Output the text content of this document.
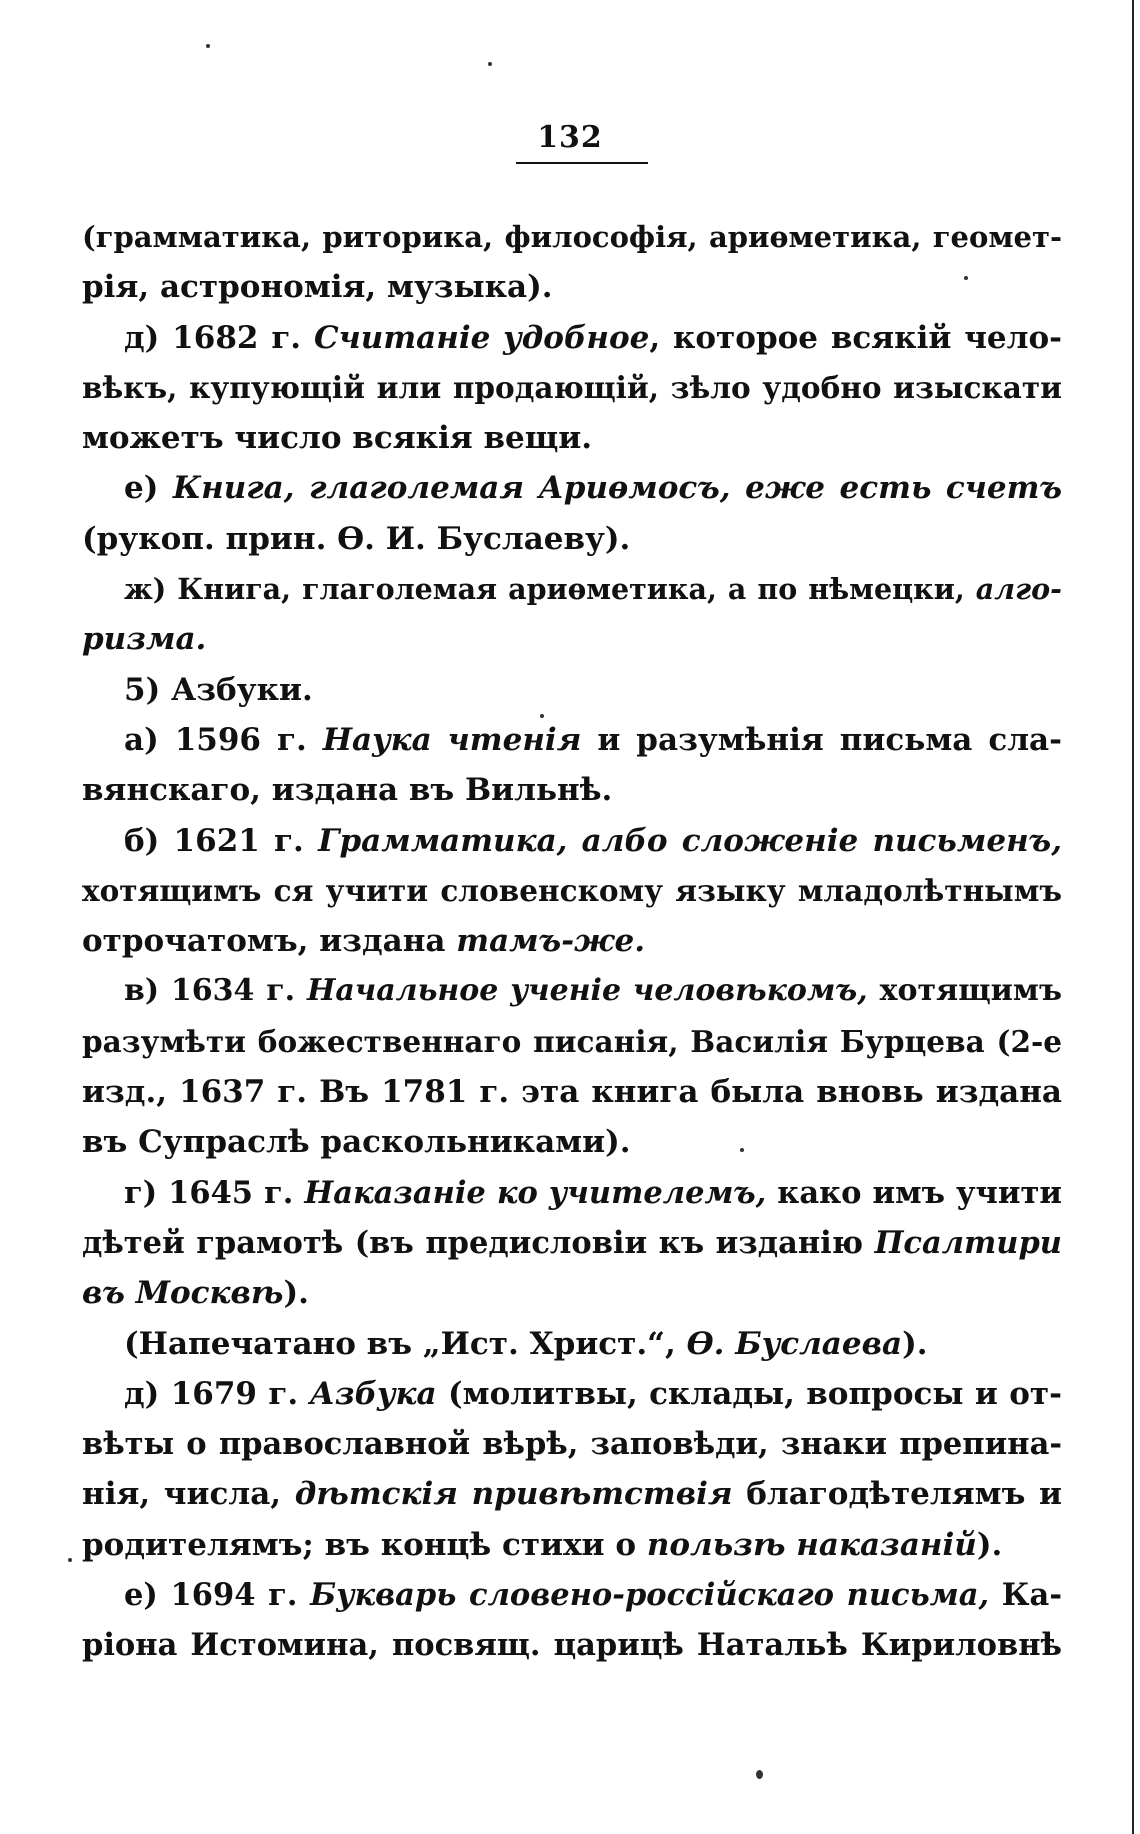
132
(грамматика, риторика, философія, ариѳметика, геомет-
рія, астрономія, музыка).
д) 1682 г. Считаніе удобное, которое всякій чело-
вѣкъ, купующій или продающій, зѣло удобно изыскати
можетъ число всякія вещи.
е) Книга, глаголемая Ариѳмосъ, еже есть счетъ
(рукоп. прин. Ѳ. И. Буслаеву).
ж) Книга, глаголемая ариѳметика, а по нѣмецки, алго-
ризма.
5) Азбуки.
а) 1596 г. Наука чтенія и разумѣнія письма сла-
вянскаго, издана въ Вильнѣ.
б) 1621 г. Грамматика, албо сложеніе письменъ,
хотящимъ ся учити словенскому языку младолѣтнымъ
отрочатомъ, издана тамъ-же.
в) 1634 г. Начальное ученіе человѣкомъ, хотящимъ
разумѣти божественнаго писанія, Василія Бурцева (2-е
изд., 1637 г. Въ 1781 г. эта книга была вновь издана
въ Супраслѣ раскольниками).
г) 1645 г. Наказаніе ко учителемъ, како имъ учити
дѣтей грамотѣ (въ предисловіи къ изданію Псалтири
въ Москвѣ).
(Напечатано въ „Ист. Христ.“, Ѳ. Буслаева).
д) 1679 г. Азбука (молитвы, склады, вопросы и от-
вѣты о православной вѣрѣ, заповѣди, знаки препина-
нія, числа, дѣтскія привѣтствія благодѣтелямъ и
родителямъ; въ концѣ стихи о пользѣ наказаній).
е) 1694 г. Букварь словено-россійскаго письма, Ка-
ріона Истомина, посвящ. царицѣ Натальѣ Кириловнѣ
